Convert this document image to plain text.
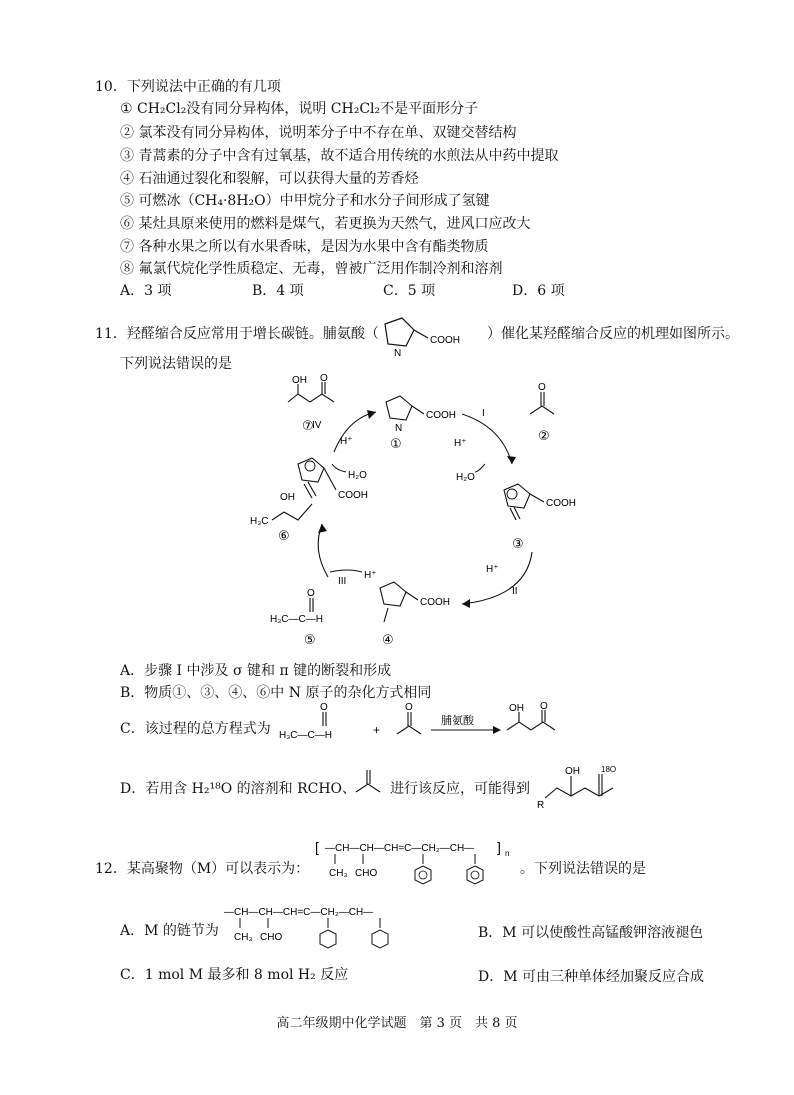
10．下列说法中正确的有几项
① CH₂Cl₂没有同分异构体，说明 CH₂Cl₂不是平面形分子
② 氯苯没有同分异构体，说明苯分子中不存在单、双键交替结构
③ 青蒿素的分子中含有过氧基，故不适合用传统的水煎法从中药中提取
④ 石油通过裂化和裂解，可以获得大量的芳香烃
⑤ 可燃冰（CH₄·8H₂O）中甲烷分子和水分子间形成了氢键
⑥ 某灶具原来使用的燃料是煤气，若更换为天然气，进风口应改大
⑦ 各种水果之所以有水果香味，是因为水果中含有酯类物质
⑧ 氟氯代烷化学性质稳定、无毒，曾被广泛用作制冷剂和溶剂
A．3 项	B．4 项	C．5 项	D．6 项
11．羟醛缩合反应常用于增长碳链。脯氨酸（
N
COOH ）催化某羟醛缩合反应的机理如图所示。
下列说法错误的是
OH O
⑦	N
COOH
①
O
②
I
H⁺
H₂O
COOH
③
H⁺
II
COOH
④
O
H₃C—C—H
⑤
H⁺
III
COOH
OH
H₃C
⑥
IV
H⁺
H₂O
A．步骤 I 中涉及 σ 键和 π 键的断裂和形成
B．物质①、③、④、⑥中 N 原子的杂化方式相同
C．该过程的总方程式为
O
H₃C—C—H	+
O
脯氨酸
OH O
D．若用含 H₂¹⁸O 的溶剂和 RCHO、 进行该反应，可能得到
R
OH	18O
12．某高聚物（M）可以表示为：
[ —CH—CH—CH=C—CH₂—CH— ] n
CH₃ CHO	。下列说法错误的是
A．M 的链节为
—CH—CH—CH=C—CH₂—CH—
CH₃ CHO	B．M 可以使酸性高锰酸钾溶液褪色
C．1 mol M 最多和 8 mol H₂ 反应	D．M 可由三种单体经加聚反应合成
高二年级期中化学试题　第 3 页　共 8 页
